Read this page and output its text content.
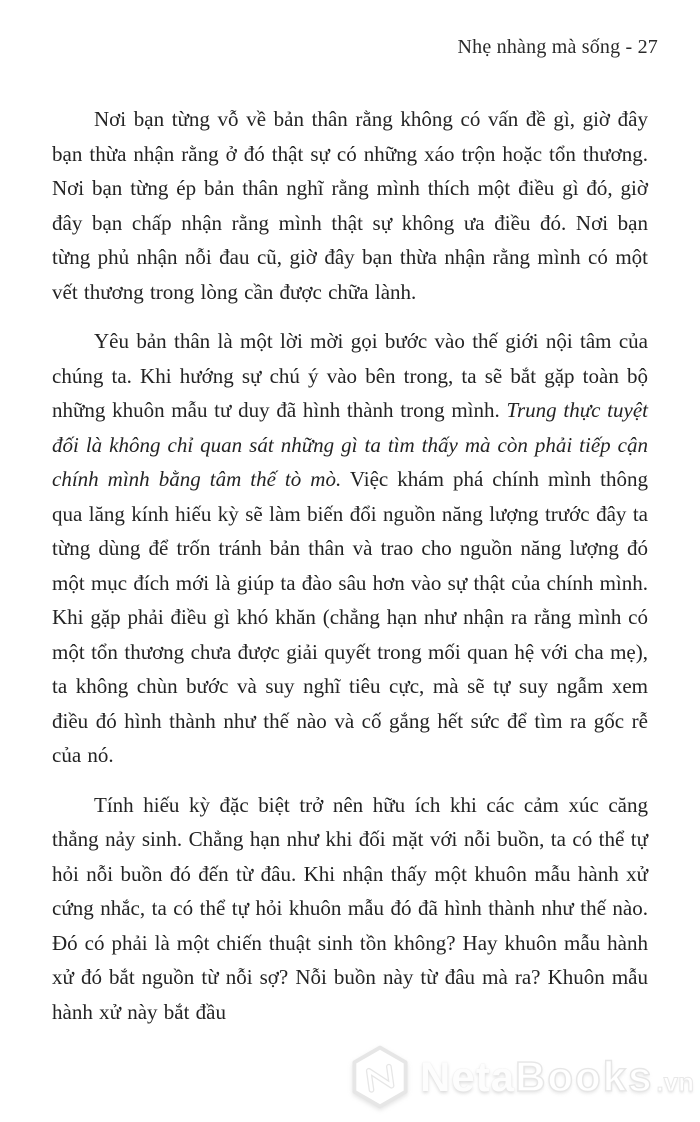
Nhẹ nhàng mà sống - 27

Nơi bạn từng vỗ về bản thân rằng không có vấn đề gì, giờ đây bạn thừa nhận rằng ở đó thật sự có những xáo trộn hoặc tổn thương. Nơi bạn từng ép bản thân nghĩ rằng mình thích một điều gì đó, giờ đây bạn chấp nhận rằng mình thật sự không ưa điều đó. Nơi bạn từng phủ nhận nỗi đau cũ, giờ đây bạn thừa nhận rằng mình có một vết thương trong lòng cần được chữa lành.

Yêu bản thân là một lời mời gọi bước vào thế giới nội tâm của chúng ta. Khi hướng sự chú ý vào bên trong, ta sẽ bắt gặp toàn bộ những khuôn mẫu tư duy đã hình thành trong mình. Trung thực tuyệt đối là không chỉ quan sát những gì ta tìm thấy mà còn phải tiếp cận chính mình bằng tâm thế tò mò. Việc khám phá chính mình thông qua lăng kính hiếu kỳ sẽ làm biến đổi nguồn năng lượng trước đây ta từng dùng để trốn tránh bản thân và trao cho nguồn năng lượng đó một mục đích mới là giúp ta đào sâu hơn vào sự thật của chính mình. Khi gặp phải điều gì khó khăn (chẳng hạn như nhận ra rằng mình có một tổn thương chưa được giải quyết trong mối quan hệ với cha mẹ), ta không chùn bước và suy nghĩ tiêu cực, mà sẽ tự suy ngẫm xem điều đó hình thành như thế nào và cố gắng hết sức để tìm ra gốc rễ của nó.

Tính hiếu kỳ đặc biệt trở nên hữu ích khi các cảm xúc căng thẳng nảy sinh. Chẳng hạn như khi đối mặt với nỗi buồn, ta có thể tự hỏi nỗi buồn đó đến từ đâu. Khi nhận thấy một khuôn mẫu hành xử cứng nhắc, ta có thể tự hỏi khuôn mẫu đó đã hình thành như thế nào. Đó có phải là một chiến thuật sinh tồn không? Hay khuôn mẫu hành xử đó bắt nguồn từ nỗi sợ? Nỗi buồn này từ đâu mà ra? Khuôn mẫu hành xử này bắt đầu

Neta Books .vn
